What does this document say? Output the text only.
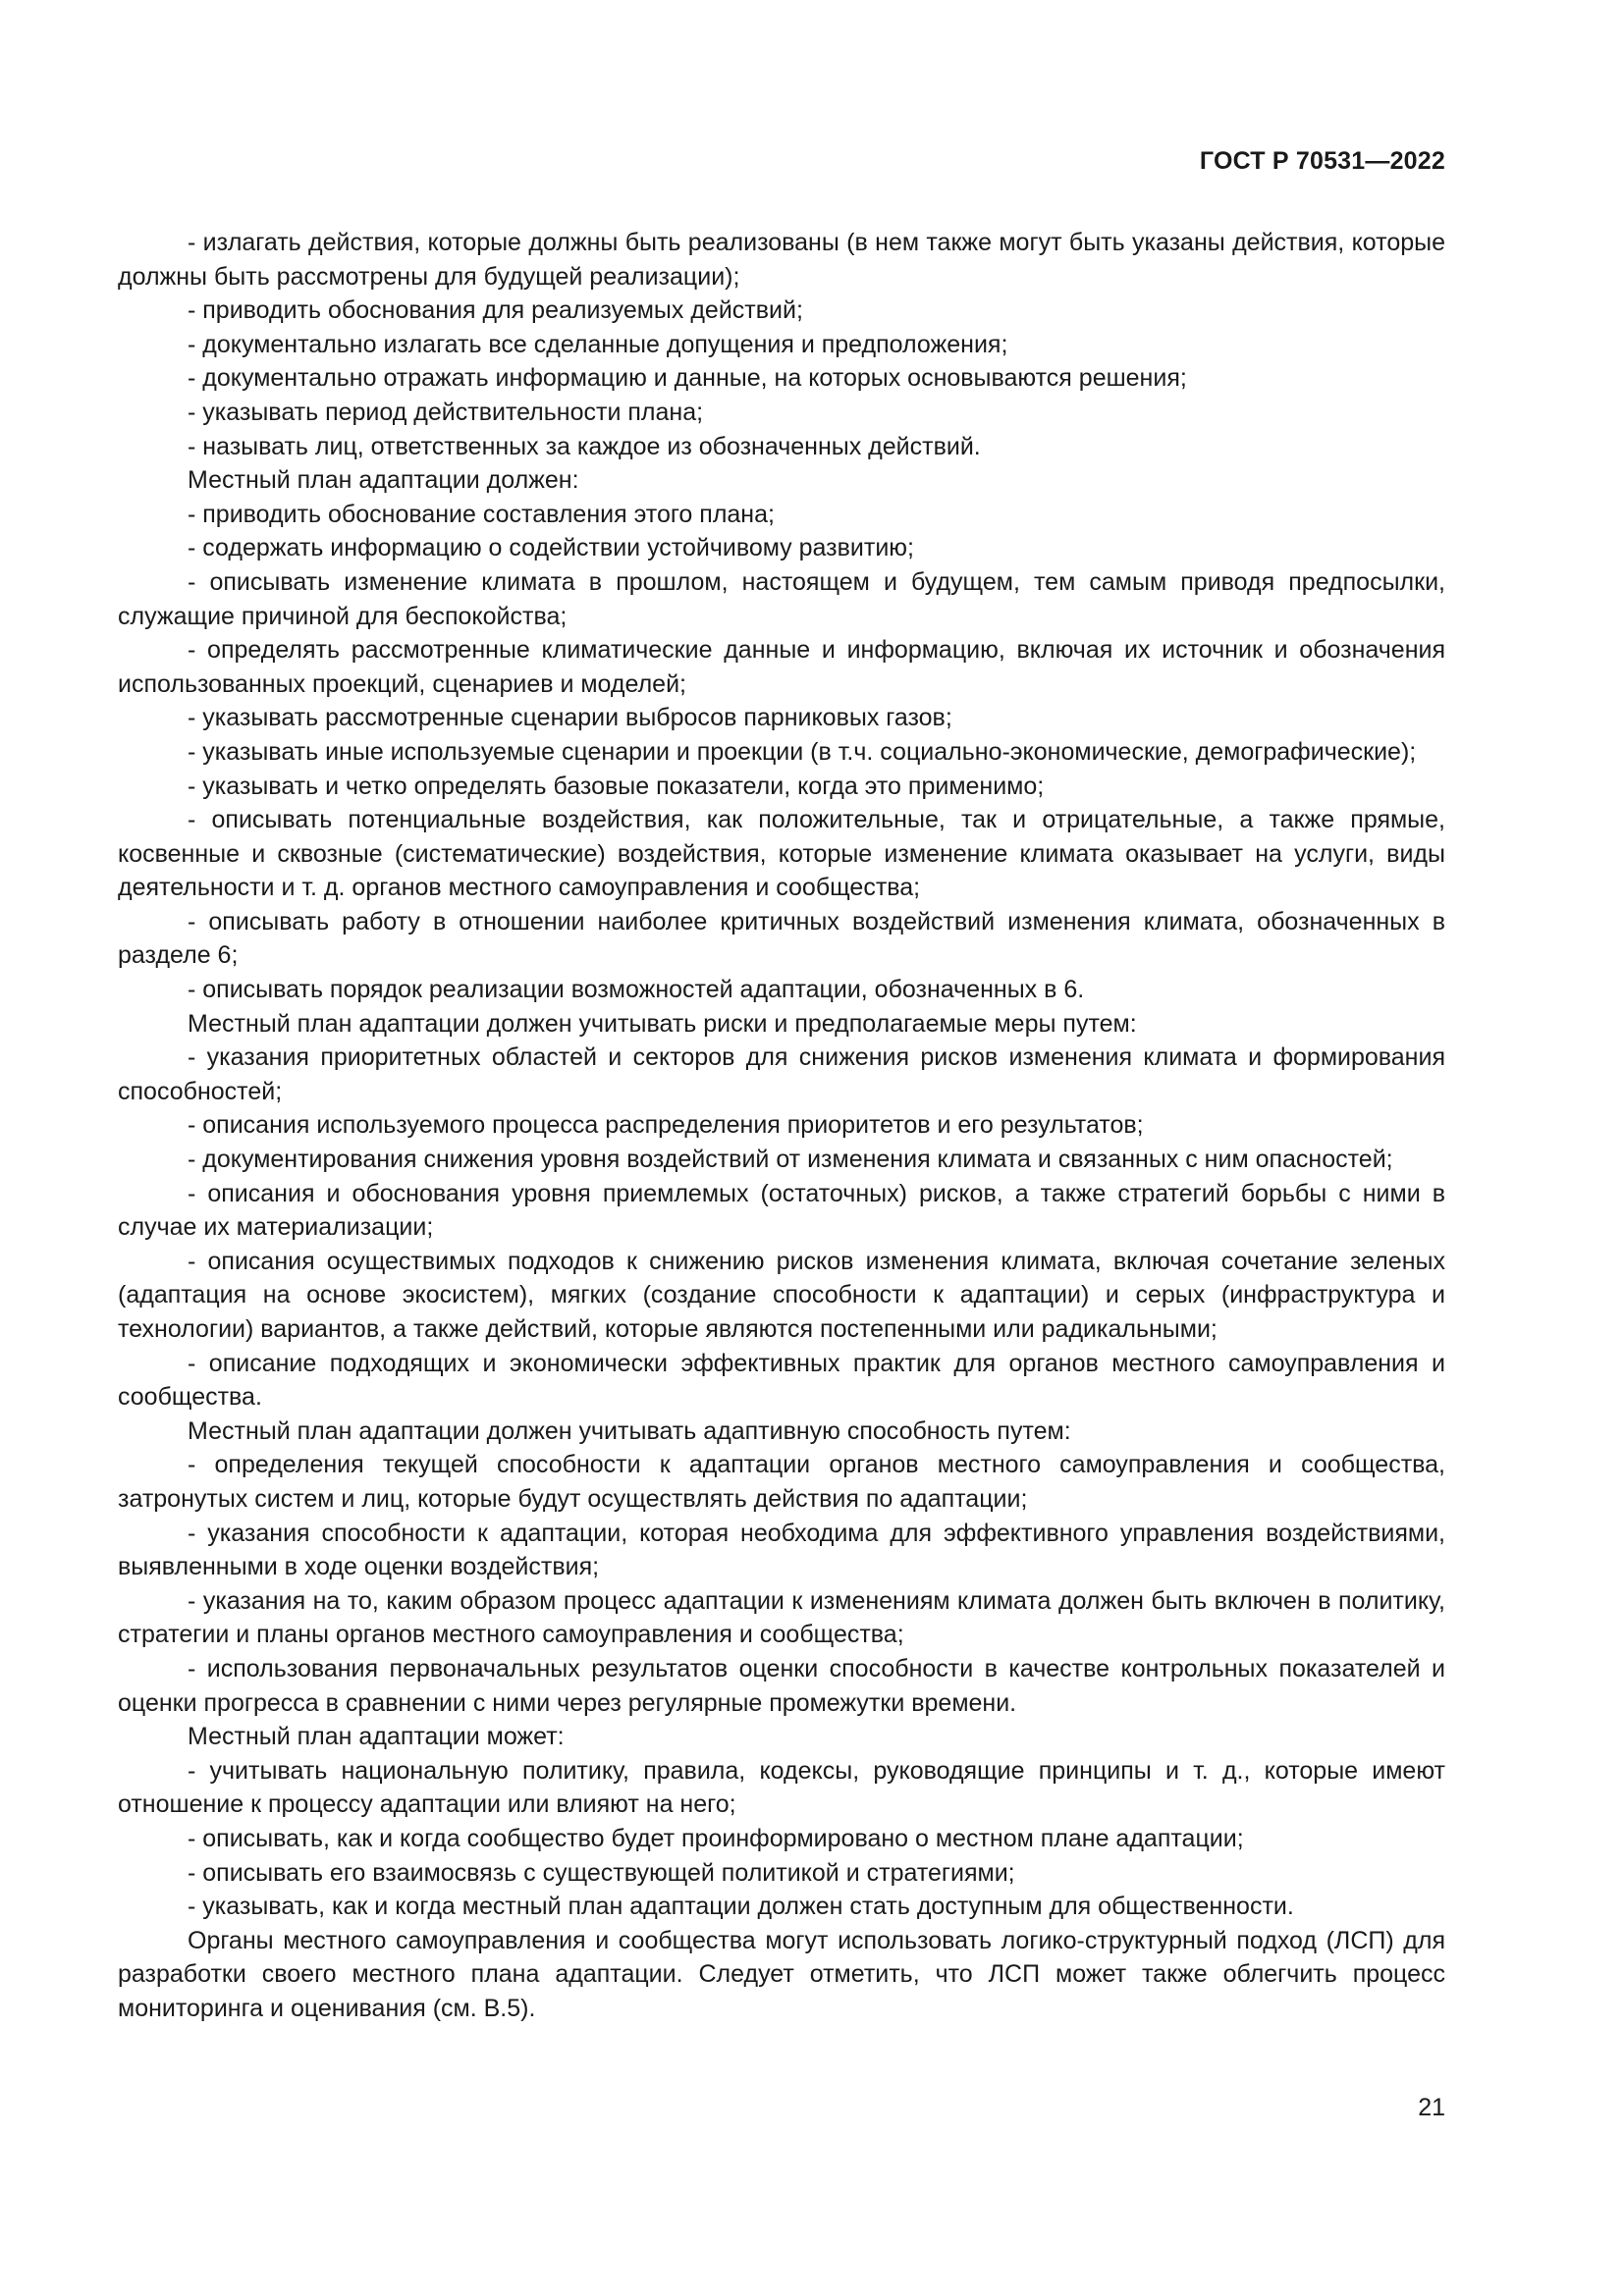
ГОСТ Р 70531—2022

- излагать действия, которые должны быть реализованы (в нем также могут быть указаны действия, которые должны быть рассмотрены для будущей реализации);

- приводить обоснования для реализуемых действий;

- документально излагать все сделанные допущения и предположения;

- документально отражать информацию и данные, на которых основываются решения;

- указывать период действительности плана;

- называть лиц, ответственных за каждое из обозначенных действий.

Местный план адаптации должен:

- приводить обоснование составления этого плана;

- содержать информацию о содействии устойчивому развитию;

- описывать изменение климата в прошлом, настоящем и будущем, тем самым приводя предпосылки, служащие причиной для беспокойства;

- определять рассмотренные климатические данные и информацию, включая их источник и обозначения использованных проекций, сценариев и моделей;

- указывать рассмотренные сценарии выбросов парниковых газов;

- указывать иные используемые сценарии и проекции (в т.ч. социально-экономические, демографические);

- указывать и четко определять базовые показатели, когда это применимо;

- описывать потенциальные воздействия, как положительные, так и отрицательные, а также прямые, косвенные и сквозные (систематические) воздействия, которые изменение климата оказывает на услуги, виды деятельности и т. д. органов местного самоуправления и сообщества;

- описывать работу в отношении наиболее критичных воздействий изменения климата, обозначенных в разделе 6;

- описывать порядок реализации возможностей адаптации, обозначенных в 6.

Местный план адаптации должен учитывать риски и предполагаемые меры путем:

- указания приоритетных областей и секторов для снижения рисков изменения климата и формирования способностей;

- описания используемого процесса распределения приоритетов и его результатов;

- документирования снижения уровня воздействий от изменения климата и связанных с ним опасностей;

- описания и обоснования уровня приемлемых (остаточных) рисков, а также стратегий борьбы с ними в случае их материализации;

- описания осуществимых подходов к снижению рисков изменения климата, включая сочетание зеленых (адаптация на основе экосистем), мягких (создание способности к адаптации) и серых (инфраструктура и технологии) вариантов, а также действий, которые являются постепенными или радикальными;

- описание подходящих и экономически эффективных практик для органов местного самоуправления и сообщества.

Местный план адаптации должен учитывать адаптивную способность путем:

- определения текущей способности к адаптации органов местного самоуправления и сообщества, затронутых систем и лиц, которые будут осуществлять действия по адаптации;

- указания способности к адаптации, которая необходима для эффективного управления воздействиями, выявленными в ходе оценки воздействия;

- указания на то, каким образом процесс адаптации к изменениям климата должен быть включен в политику, стратегии и планы органов местного самоуправления и сообщества;

- использования первоначальных результатов оценки способности в качестве контрольных показателей и оценки прогресса в сравнении с ними через регулярные промежутки времени.

Местный план адаптации может:

- учитывать национальную политику, правила, кодексы, руководящие принципы и т. д., которые имеют отношение к процессу адаптации или влияют на него;

- описывать, как и когда сообщество будет проинформировано о местном плане адаптации;

- описывать его взаимосвязь с существующей политикой и стратегиями;

- указывать, как и когда местный план адаптации должен стать доступным для общественности.

Органы местного самоуправления и сообщества могут использовать логико-структурный подход (ЛСП) для разработки своего местного плана адаптации. Следует отметить, что ЛСП может также облегчить процесс мониторинга и оценивания (см. В.5).

21
